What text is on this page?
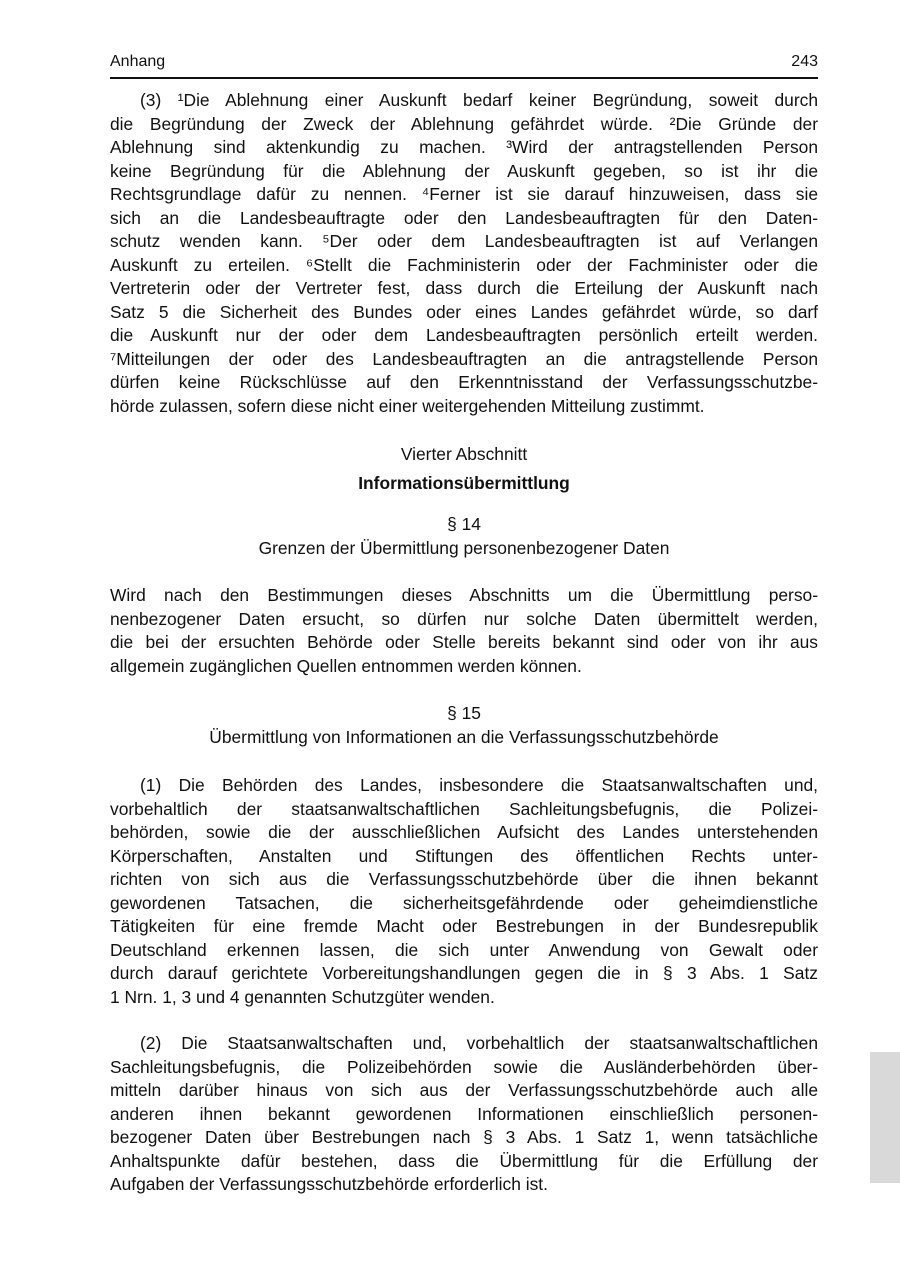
Anhang	243
(3) ¹Die Ablehnung einer Auskunft bedarf keiner Begründung, soweit durch
die Begründung der Zweck der Ablehnung gefährdet würde. ²Die Gründe der
Ablehnung sind aktenkundig zu machen. ³Wird der antragstellenden Person
keine Begründung für die Ablehnung der Auskunft gegeben, so ist ihr die
Rechtsgrundlage dafür zu nennen. ⁴Ferner ist sie darauf hinzuweisen, dass sie
sich an die Landesbeauftragte oder den Landesbeauftragten für den Daten-
schutz wenden kann. ⁵Der oder dem Landesbeauftragten ist auf Verlangen
Auskunft zu erteilen. ⁶Stellt die Fachministerin oder der Fachminister oder die
Vertreterin oder der Vertreter fest, dass durch die Erteilung der Auskunft nach
Satz 5 die Sicherheit des Bundes oder eines Landes gefährdet würde, so darf
die Auskunft nur der oder dem Landesbeauftragten persönlich erteilt werden.
⁷Mitteilungen der oder des Landesbeauftragten an die antragstellende Person
dürfen keine Rückschlüsse auf den Erkenntnisstand der Verfassungsschutzbe-
hörde zulassen, sofern diese nicht einer weitergehenden Mitteilung zustimmt.
Vierter Abschnitt
Informationsübermittlung
§ 14
Grenzen der Übermittlung personenbezogener Daten
Wird nach den Bestimmungen dieses Abschnitts um die Übermittlung perso-
nenbezogener Daten ersucht, so dürfen nur solche Daten übermittelt werden,
die bei der ersuchten Behörde oder Stelle bereits bekannt sind oder von ihr aus
allgemein zugänglichen Quellen entnommen werden können.
§ 15
Übermittlung von Informationen an die Verfassungsschutzbehörde
(1) Die Behörden des Landes, insbesondere die Staatsanwaltschaften und,
vorbehaltlich der staatsanwaltschaftlichen Sachleitungsbefugnis, die Polizei-
behörden, sowie die der ausschließlichen Aufsicht des Landes unterstehenden
Körperschaften, Anstalten und Stiftungen des öffentlichen Rechts unter-
richten von sich aus die Verfassungsschutzbehörde über die ihnen bekannt
gewordenen Tatsachen, die sicherheitsgefährdende oder geheimdienstliche
Tätigkeiten für eine fremde Macht oder Bestrebungen in der Bundesrepublik
Deutschland erkennen lassen, die sich unter Anwendung von Gewalt oder
durch darauf gerichtete Vorbereitungshandlungen gegen die in § 3 Abs. 1 Satz
1 Nrn. 1, 3 und 4 genannten Schutzgüter wenden.
(2) Die Staatsanwaltschaften und, vorbehaltlich der staatsanwaltschaftlichen
Sachleitungsbefugnis, die Polizeibehörden sowie die Ausländerbehörden über-
mitteln darüber hinaus von sich aus der Verfassungsschutzbehörde auch alle
anderen ihnen bekannt gewordenen Informationen einschließlich personen-
bezogener Daten über Bestrebungen nach § 3 Abs. 1 Satz 1, wenn tatsächliche
Anhaltspunkte dafür bestehen, dass die Übermittlung für die Erfüllung der
Aufgaben der Verfassungsschutzbehörde erforderlich ist.
